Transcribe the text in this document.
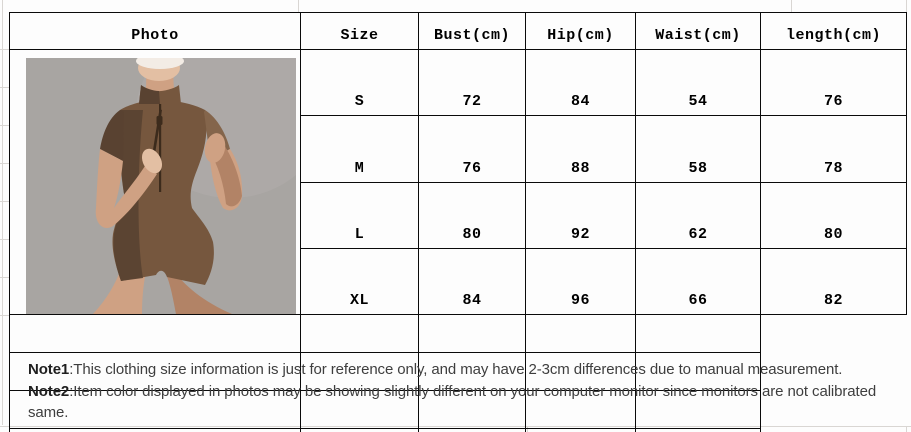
Photo	Size	Bust(cm)	Hip(cm)	Waist(cm)	length(cm)

	S	72	84	54	76
	M	76	88	58	78
	L	80	92	62	80
	XL	84	96	66	82

Note1:This clothing size information is just for reference only, and may have 2-3cm differences due to manual measurement.
Note2:Item color displayed in photos may be showing slightly different on your computer monitor since monitors are not calibrated same.
